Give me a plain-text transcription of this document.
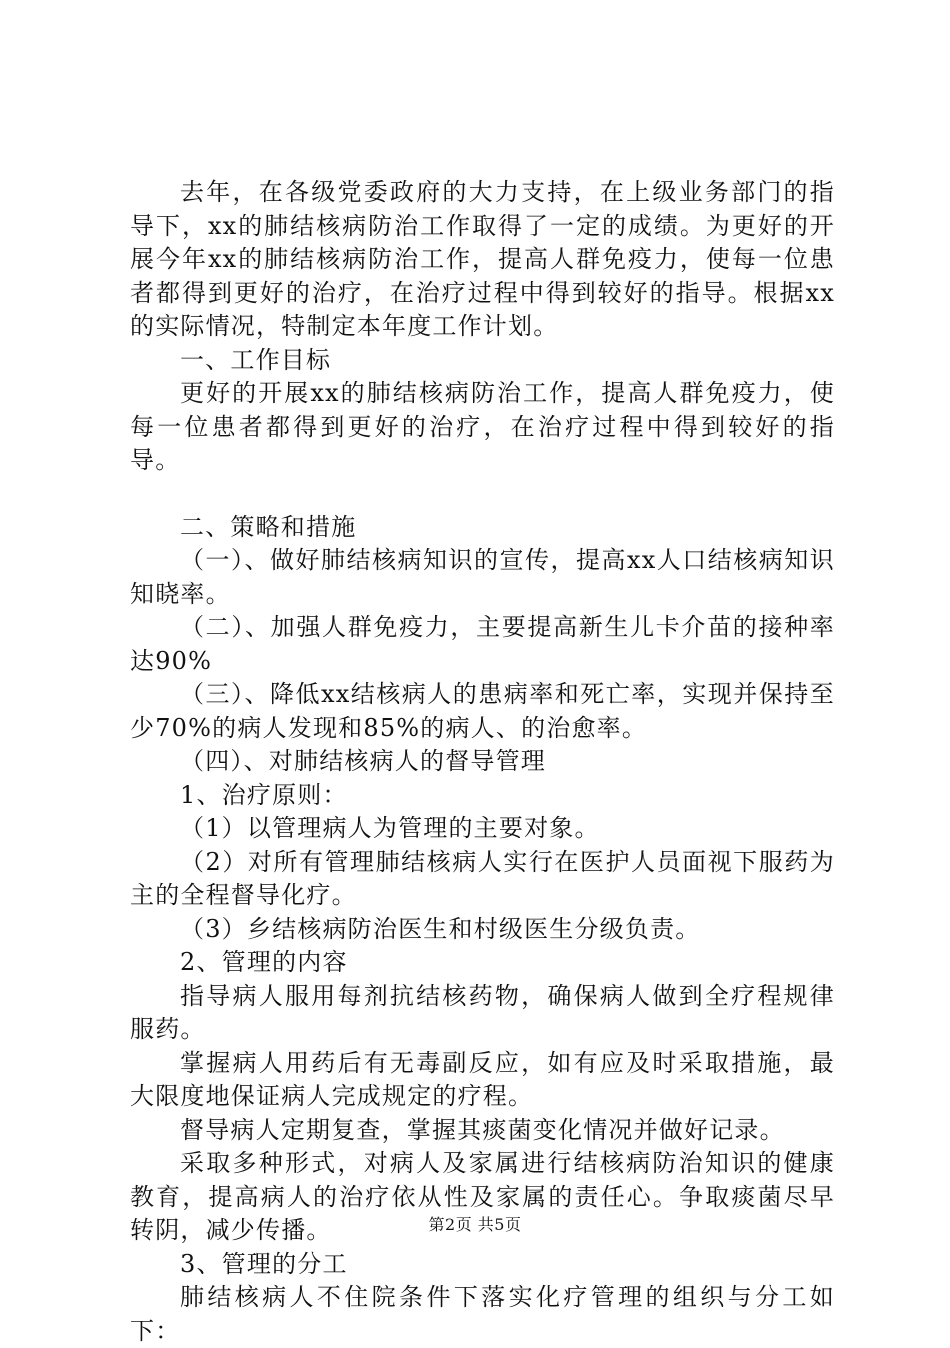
去年，在各级党委政府的大力支持，在上级业务部门的指导下，xx的肺结核病防治工作取得了一定的成绩。为更好的开展今年xx的肺结核病防治工作，提高人群免疫力，使每一位患者都得到更好的治疗，在治疗过程中得到较好的指导。根据xx的实际情况，特制定本年度工作计划。

一、工作目标

更好的开展xx的肺结核病防治工作，提高人群免疫力，使每一位患者都得到更好的治疗，在治疗过程中得到较好的指导。

二、策略和措施

（一）、做好肺结核病知识的宣传，提高xx人口结核病知识知晓率。

（二）、加强人群免疫力，主要提高新生儿卡介苗的接种率达90%

（三）、降低xx结核病人的患病率和死亡率，实现并保持至少70%的病人发现和85%的病人、的治愈率。

（四）、对肺结核病人的督导管理

1、治疗原则：

（1）以管理病人为管理的主要对象。

（2）对所有管理肺结核病人实行在医护人员面视下服药为主的全程督导化疗。

（3）乡结核病防治医生和村级医生分级负责。

2、管理的内容

指导病人服用每剂抗结核药物，确保病人做到全疗程规律服药。

掌握病人用药后有无毒副反应，如有应及时采取措施，最大限度地保证病人完成规定的疗程。

督导病人定期复查，掌握其痰菌变化情况并做好记录。

采取多种形式，对病人及家属进行结核病防治知识的健康教育，提高病人的治疗依从性及家属的责任心。争取痰菌尽早转阴，减少传播。

3、管理的分工

肺结核病人不住院条件下落实化疗管理的组织与分工如下：

第2页 共5页
